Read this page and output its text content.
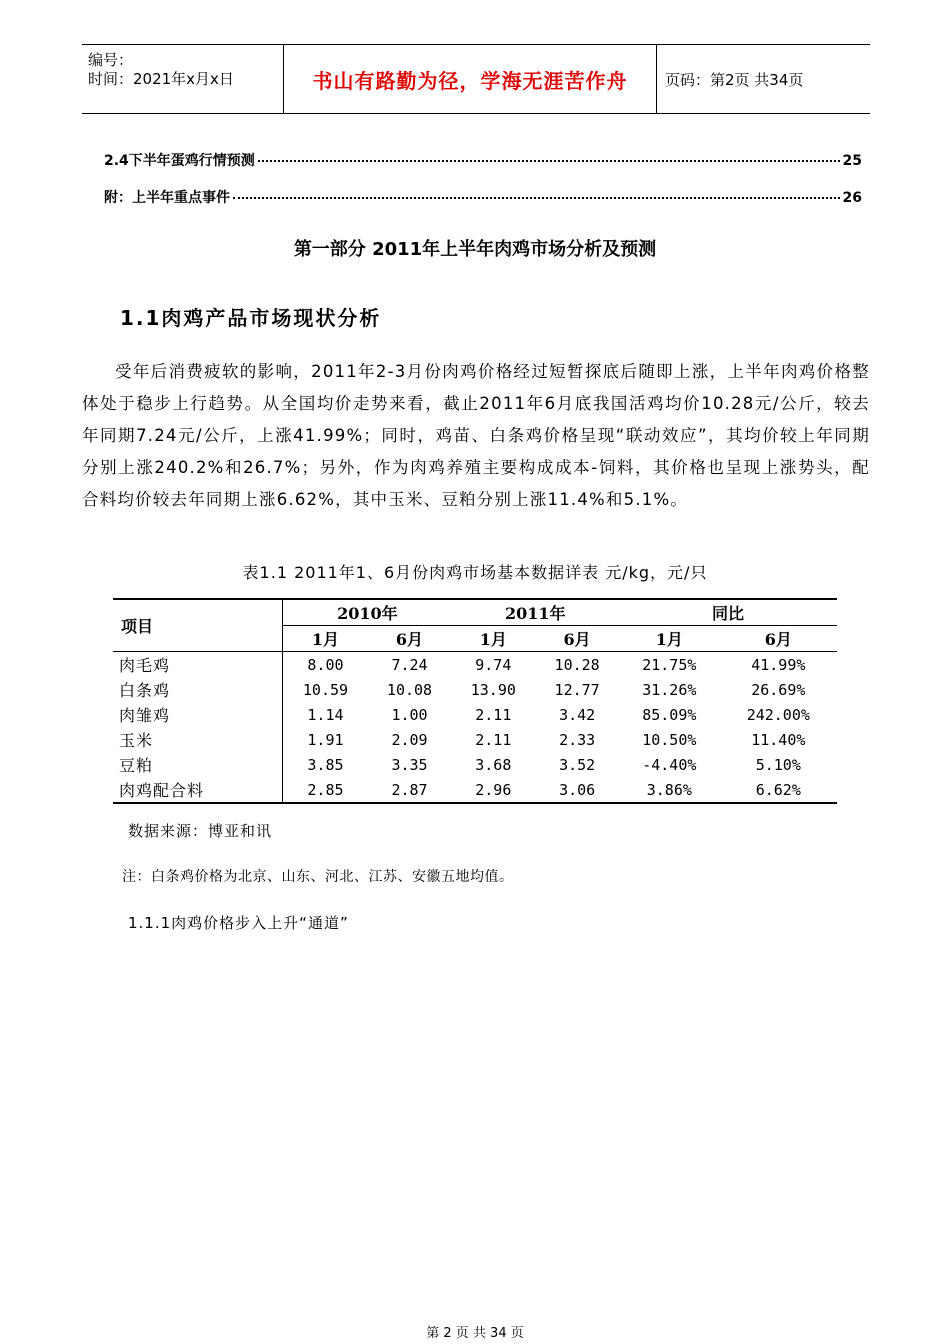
编号：
时间：2021年x月x日	书山有路勤为径，学海无涯苦作舟	页码：第2页 共34页
2.4下半年蛋鸡行情预测	25
附：上半年重点事件	26
第一部分 2011年上半年肉鸡市场分析及预测
1.1肉鸡产品市场现状分析
受年后消费疲软的影响，2011年2-3月份肉鸡价格经过短暂探底后随即上涨，上半年肉鸡价格整体处于稳步上行趋势。从全国均价走势来看，截止2011年6月底我国活鸡均价10.28元/公斤，较去年同期7.24元/公斤，上涨41.99%；同时，鸡苗、白条鸡价格呈现“联动效应”，其均价较上年同期分别上涨240.2%和26.7%；另外，作为肉鸡养殖主要构成成本-饲料，其价格也呈现上涨势头，配合料均价较去年同期上涨6.62%，其中玉米、豆粕分别上涨11.4%和5.1%。
表1.1 2011年1、6月份肉鸡市场基本数据详表 元/kg，元/只
项目	2010年		2011年		同比	
	1月	6月	1月	6月	1月	6月
肉毛鸡	8.00	7.24	9.74	10.28	21.75%	41.99%
白条鸡	10.59	10.08	13.90	12.77	31.26%	26.69%
肉雏鸡	1.14	1.00	2.11	3.42	85.09%	242.00%
玉米	1.91	2.09	2.11	2.33	10.50%	11.40%
豆粕	3.85	3.35	3.68	3.52	-4.40%	5.10%
肉鸡配合料	2.85	2.87	2.96	3.06	3.86%	6.62%
数据来源：博亚和讯
注：白条鸡价格为北京、山东、河北、江苏、安徽五地均值。
1.1.1肉鸡价格步入上升“通道”
第 2 页 共 34 页
